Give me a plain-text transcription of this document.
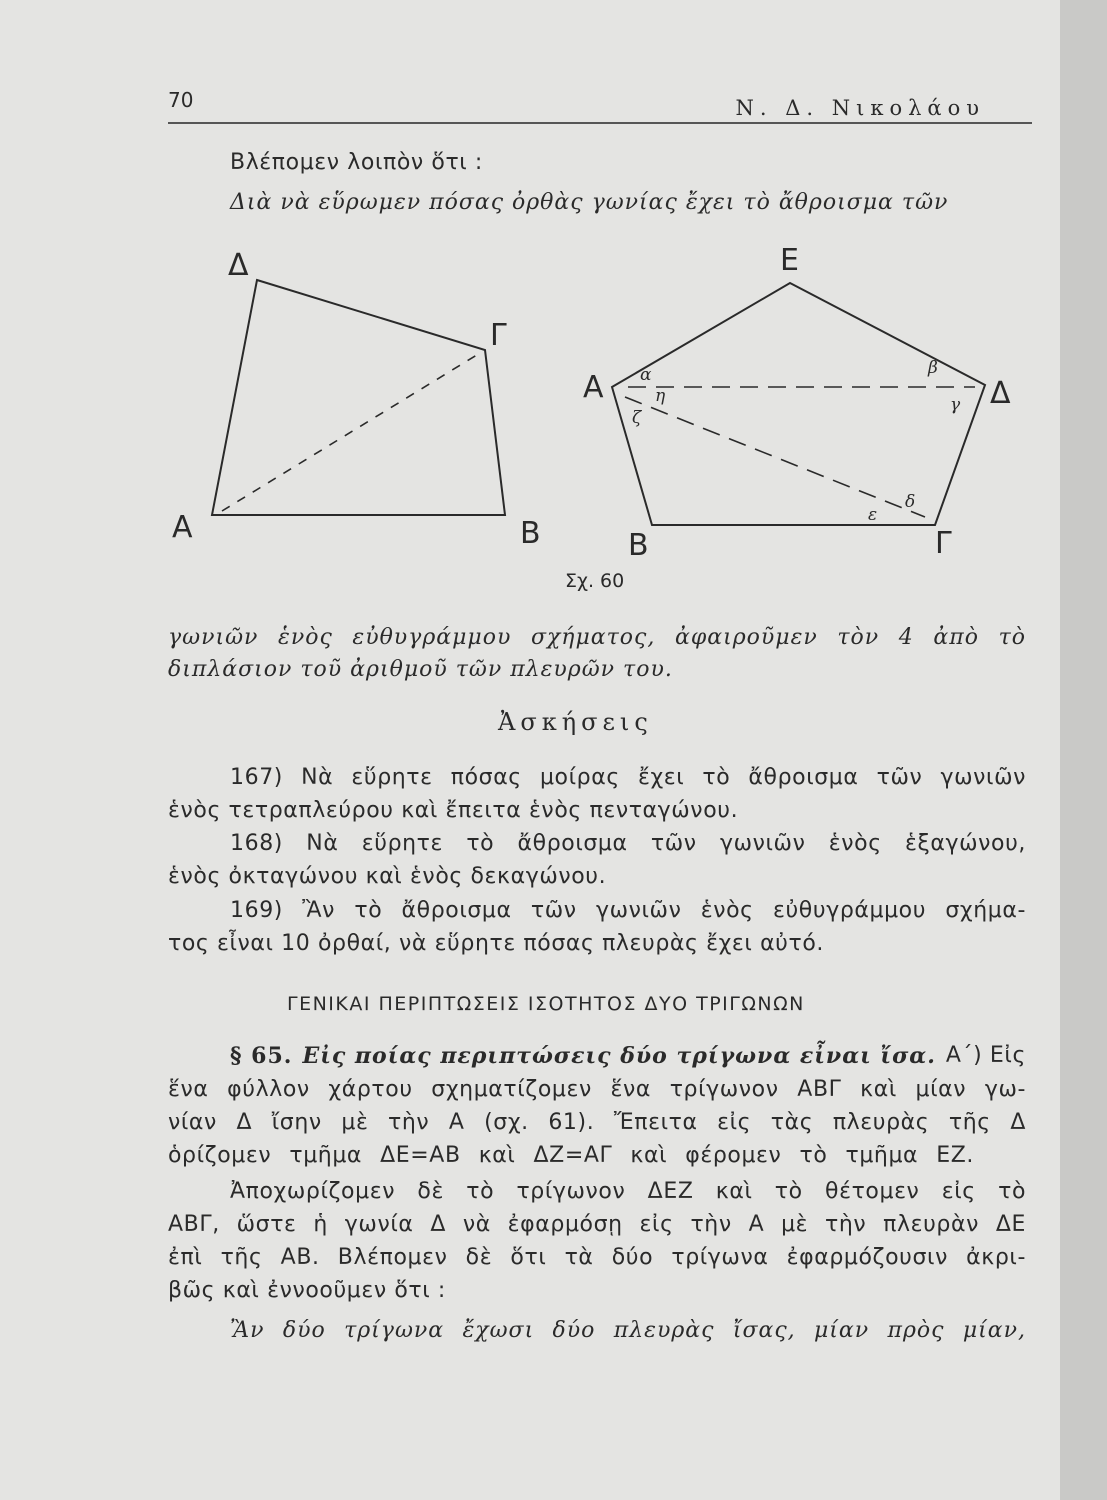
70	Ν. Δ. Νικολάου
Βλέπομεν λοιπὸν ὅτι :
Διὰ νὰ εὕρωμεν πόσας ὀρθὰς γωνίας ἔχει τὸ ἄθροισμα τῶν
Δ
Γ
Α	Β
Ε
Α	Δ
Β	Γ
α
η
ζ
β
γ
δ
ε
Σχ. 60
γωνιῶν ἑνὸς εὐθυγράμμου σχήματος, ἀφαιροῦμεν τὸν 4 ἀπὸ τὸ
διπλάσιον τοῦ ἀριθμοῦ τῶν πλευρῶν του.
Ἀσκήσεις
167) Νὰ εὕρητε πόσας μοίρας ἔχει τὸ ἄθροισμα τῶν γωνιῶν
ἑνὸς τετραπλεύρου καὶ ἔπειτα ἑνὸς πενταγώνου.
168) Νὰ εὕρητε τὸ ἄθροισμα τῶν γωνιῶν ἑνὸς ἑξαγώνου,
ἑνὸς ὀκταγώνου καὶ ἑνὸς δεκαγώνου.
169) Ἂν τὸ ἄθροισμα τῶν γωνιῶν ἑνὸς εὐθυγράμμου σχήμα-
τος εἶναι 10 ὀρθαί, νὰ εὕρητε πόσας πλευρὰς ἔχει αὐτό.
ΓΕΝΙΚΑΙ ΠΕΡΙΠΤΩΣΕΙΣ ΙΣΟΤΗΤΟΣ ΔΥΟ ΤΡΙΓΩΝΩΝ
§ 65. Εἰς ποίας περιπτώσεις δύο τρίγωνα εἶναι ἴσα. Α΄) Εἰς
ἕνα φύλλον χάρτου σχηματίζομεν ἕνα τρίγωνον ΑΒΓ καὶ μίαν γω-
νίαν Δ ἴσην μὲ τὴν Α (σχ. 61). Ἔπειτα εἰς τὰς πλευρὰς τῆς Δ
ὁρίζομεν τμῆμα ΔΕ=ΑΒ καὶ ΔΖ=ΑΓ καὶ φέρομεν τὸ τμῆμα ΕΖ.
Ἀποχωρίζομεν δὲ τὸ τρίγωνον ΔΕΖ καὶ τὸ θέτομεν εἰς τὸ
ΑΒΓ, ὥστε ἡ γωνία Δ νὰ ἐφαρμόσῃ εἰς τὴν Α μὲ τὴν πλευρὰν ΔΕ
ἐπὶ τῆς ΑΒ. Βλέπομεν δὲ ὅτι τὰ δύο τρίγωνα ἐφαρμόζουσιν ἀκρι-
βῶς καὶ ἐννοοῦμεν ὅτι :
Ἂν δύο τρίγωνα ἔχωσι δύο πλευρὰς ἴσας, μίαν πρὸς μίαν,
